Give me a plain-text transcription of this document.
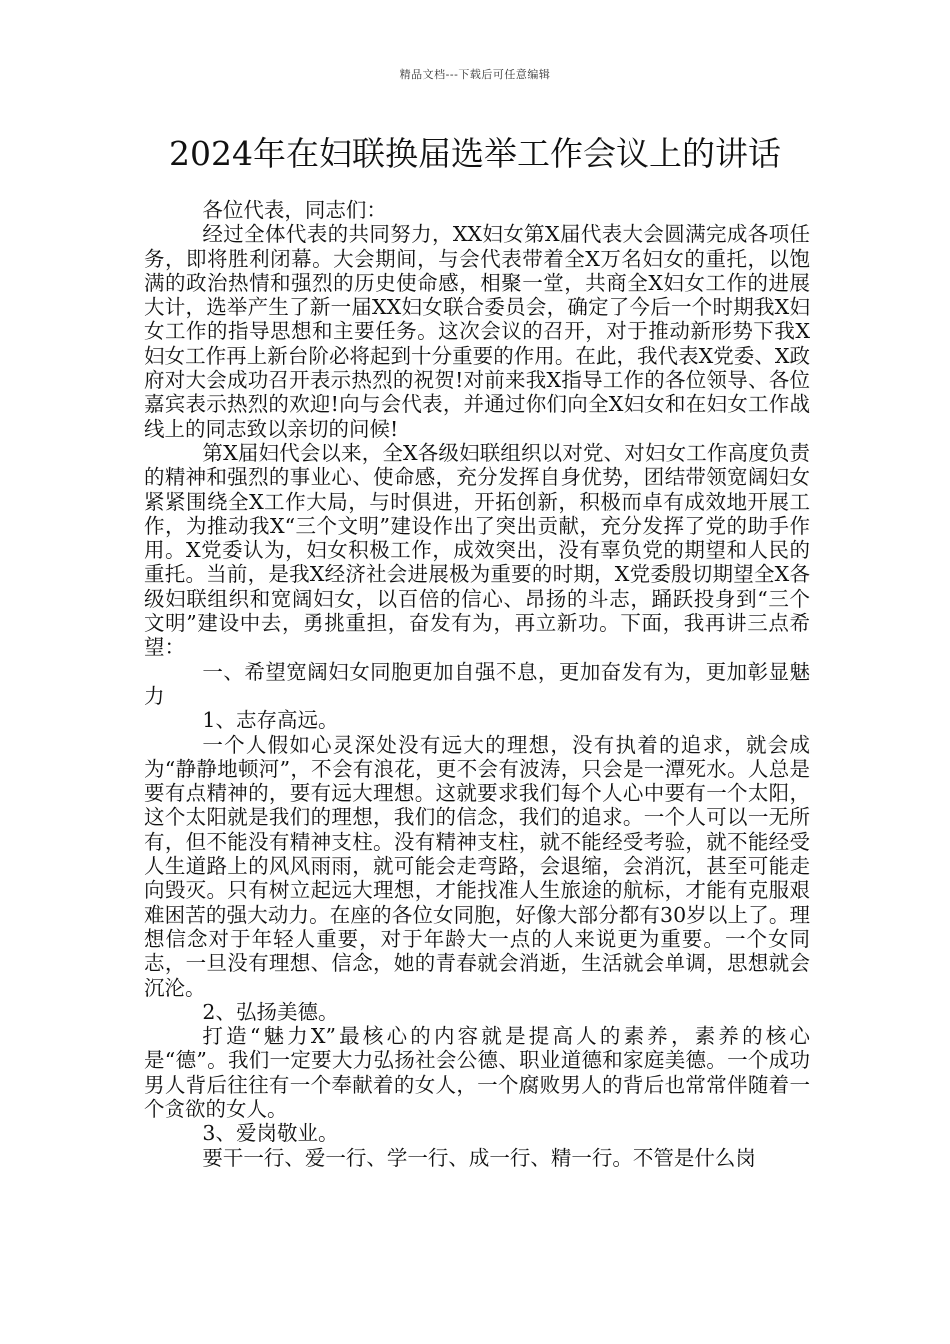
精品文档---下载后可任意编辑
2024年在妇联换届选举工作会议上的讲话

各位代表，同志们：

经过全体代表的共同努力，XX妇女第X届代表大会圆满完成各项任务，即将胜利闭幕。大会期间，与会代表带着全X万名妇女的重托，以饱满的政治热情和强烈的历史使命感，相聚一堂，共商全X妇女工作的进展大计，选举产生了新一届XX妇女联合委员会，确定了今后一个时期我X妇女工作的指导思想和主要任务。这次会议的召开，对于推动新形势下我X妇女工作再上新台阶必将起到十分重要的作用。在此，我代表X党委、X政府对大会成功召开表示热烈的祝贺!对前来我X指导工作的各位领导、各位嘉宾表示热烈的欢迎!向与会代表，并通过你们向全X妇女和在妇女工作战线上的同志致以亲切的问候!

第X届妇代会以来，全X各级妇联组织以对党、对妇女工作高度负责的精神和强烈的事业心、使命感，充分发挥自身优势，团结带领宽阔妇女紧紧围绕全X工作大局，与时俱进，开拓创新，积极而卓有成效地开展工作，为推动我X“三个文明”建设作出了突出贡献，充分发挥了党的助手作用。X党委认为，妇女积极工作，成效突出，没有辜负党的期望和人民的重托。当前，是我X经济社会进展极为重要的时期，X党委殷切期望全X各级妇联组织和宽阔妇女，以百倍的信心、昂扬的斗志，踊跃投身到“三个文明”建设中去，勇挑重担，奋发有为，再立新功。下面，我再讲三点希望：

一、希望宽阔妇女同胞更加自强不息，更加奋发有为，更加彰显魅力

1、志存高远。

一个人假如心灵深处没有远大的理想，没有执着的追求，就会成为“静静地顿河”，不会有浪花，更不会有波涛，只会是一潭死水。人总是要有点精神的，要有远大理想。这就要求我们每个人心中要有一个太阳，这个太阳就是我们的理想，我们的信念，我们的追求。一个人可以一无所有，但不能没有精神支柱。没有精神支柱，就不能经受考验，就不能经受人生道路上的风风雨雨，就可能会走弯路，会退缩，会消沉，甚至可能走向毁灭。只有树立起远大理想，才能找准人生旅途的航标，才能有克服艰难困苦的强大动力。在座的各位女同胞，好像大部分都有30岁以上了。理想信念对于年轻人重要，对于年龄大一点的人来说更为重要。一个女同志，一旦没有理想、信念，她的青春就会消逝，生活就会单调，思想就会沉沦。

2、弘扬美德。

打造“魅力X”最核心的内容就是提高人的素养，素养的核心是“德”。我们一定要大力弘扬社会公德、职业道德和家庭美德。一个成功男人背后往往有一个奉献着的女人，一个腐败男人的背后也常常伴随着一个贪欲的女人。

3、爱岗敬业。

要干一行、爱一行、学一行、成一行、精一行。不管是什么岗
